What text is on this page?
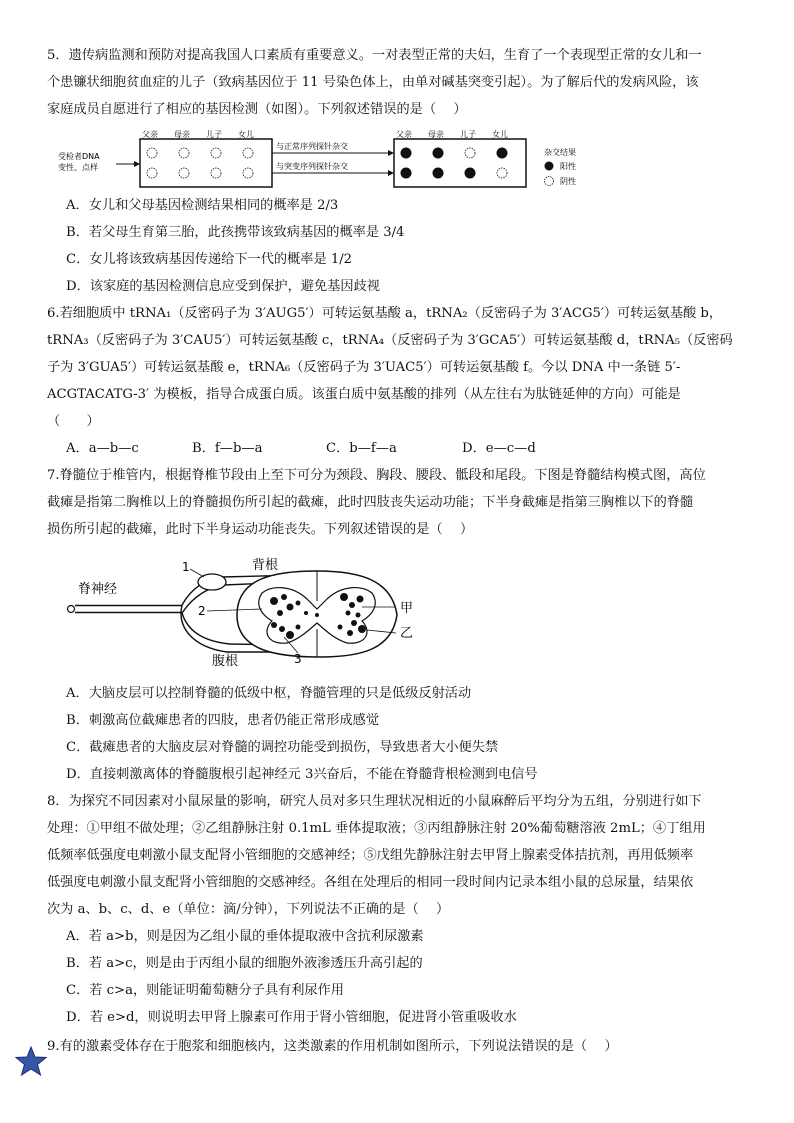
5．遗传病监测和预防对提高我国人口素质有重要意义。一对表型正常的夫妇，生育了一个表现型正常的女儿和一
个患镰状细胞贫血症的儿子（致病基因位于 11 号染色体上，由单对碱基突变引起）。为了解后代的发病风险，该
家庭成员自愿进行了相应的基因检测（如图）。下列叙述错误的是（　 ）
受检者DNA
变性、点样
父亲 母亲 儿子 女儿
与正常序列探针杂交
与突变序列探针杂交
父亲 母亲 儿子 女儿
杂交结果
阳性
阴性
A．女儿和父母基因检测结果相同的概率是 2/3
B．若父母生育第三胎，此孩携带该致病基因的概率是 3/4
C．女儿将该致病基因传递给下一代的概率是 1/2
D．该家庭的基因检测信息应受到保护，避免基因歧视
6.若细胞质中 tRNA₁（反密码子为 3′AUG5′）可转运氨基酸 a，tRNA₂（反密码子为 3′ACG5′）可转运氨基酸 b，
tRNA₃（反密码子为 3′CAU5′）可转运氨基酸 c，tRNA₄（反密码子为 3′GCA5′）可转运氨基酸 d，tRNA₅（反密码
子为 3′GUA5′）可转运氨基酸 e，tRNA₆（反密码子为 3′UAC5′）可转运氨基酸 f。今以 DNA 中一条链 5′-
ACGTACATG-3′ 为模板，指导合成蛋白质。该蛋白质中氨基酸的排列（从左往右为肽链延伸的方向）可能是
（　　）
A．a—b—c	B．f—b—a	C．b—f—a	D．e—c—d
7.脊髓位于椎管内，根据脊椎节段由上至下可分为颈段、胸段、腰段、骶段和尾段。下图是脊髓结构模式图，高位
截瘫是指第二胸椎以上的脊髓损伤所引起的截瘫，此时四肢丧失运动功能；下半身截瘫是指第三胸椎以下的脊髓
损伤所引起的截瘫，此时下半身运动功能丧失。下列叙述错误的是（　 ）
脊神经
背根
腹根
1
2
3
甲
乙
A．大脑皮层可以控制脊髓的低级中枢，脊髓管理的只是低级反射活动
B．刺激高位截瘫患者的四肢，患者仍能正常形成感觉
C．截瘫患者的大脑皮层对脊髓的调控功能受到损伤，导致患者大小便失禁
D．直接刺激离体的脊髓腹根引起神经元 3兴奋后，不能在脊髓背根检测到电信号
8．为探究不同因素对小鼠尿量的影响，研究人员对多只生理状况相近的小鼠麻醉后平均分为五组，分别进行如下
处理：①甲组不做处理；②乙组静脉注射 0.1mL 垂体提取液；③丙组静脉注射 20%葡萄糖溶液 2mL；④丁组用
低频率低强度电刺激小鼠支配肾小管细胞的交感神经；⑤戊组先静脉注射去甲肾上腺素受体拮抗剂，再用低频率
低强度电刺激小鼠支配肾小管细胞的交感神经。各组在处理后的相同一段时间内记录本组小鼠的总尿量，结果依
次为 a、b、c、d、e（单位：滴/分钟），下列说法不正确的是（　 ）
A．若 a>b，则是因为乙组小鼠的垂体提取液中含抗利尿激素
B．若 a>c，则是由于丙组小鼠的细胞外液渗透压升高引起的
C．若 c>a，则能证明葡萄糖分子具有利尿作用
D．若 e>d，则说明去甲肾上腺素可作用于肾小管细胞，促进肾小管重吸收水
9.有的激素受体存在于胞浆和细胞核内，这类激素的作用机制如图所示，下列说法错误的是（　 ）
